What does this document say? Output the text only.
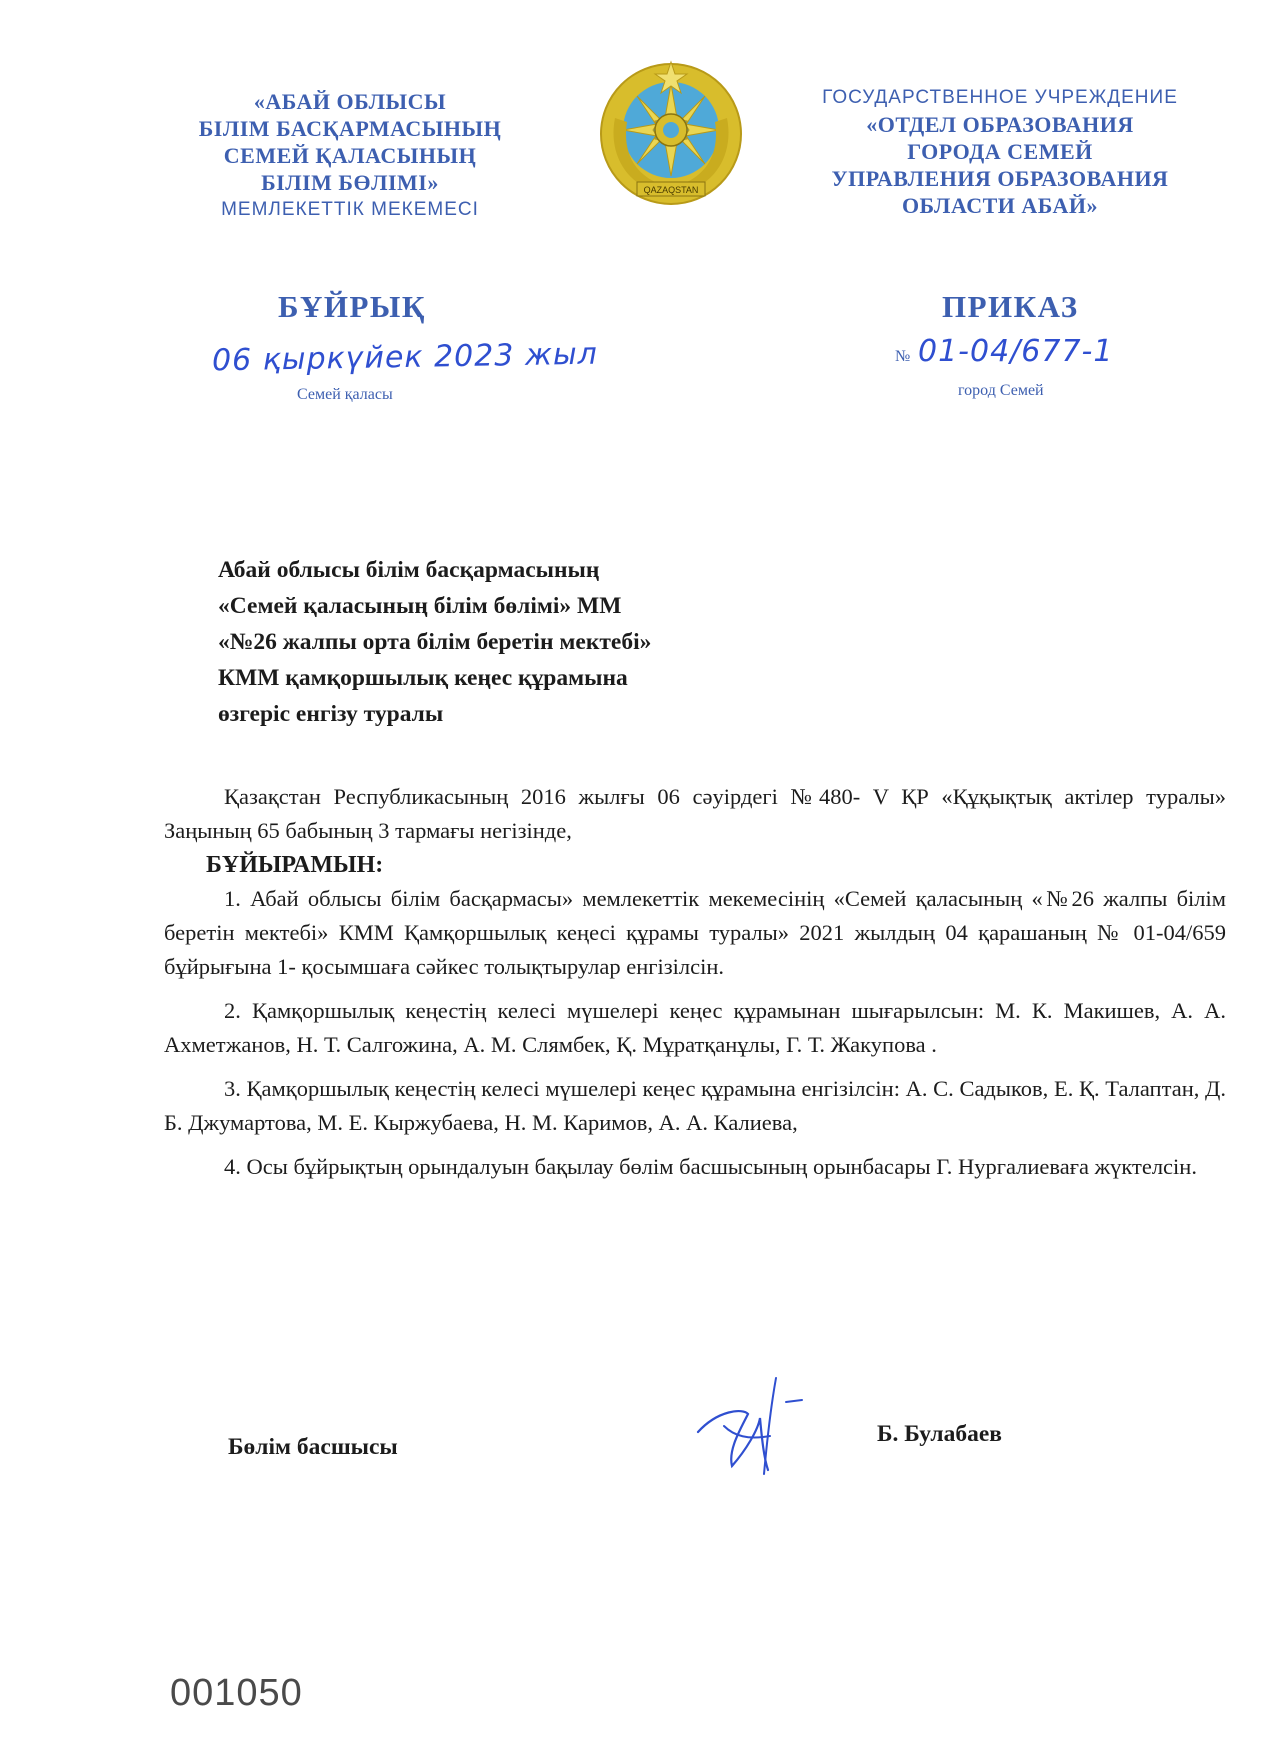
«АБАЙ ОБЛЫСЫ
БІЛІМ БАСҚАРМАСЫНЫҢ
СЕМЕЙ ҚАЛАСЫНЫҢ
БІЛІМ БӨЛІМІ»
МЕМЛЕКЕТТІК МЕКЕМЕСІ
QAZAQSTAN
ГОСУДАРСТВЕННОЕ УЧРЕЖДЕНИЕ
«ОТДЕЛ ОБРАЗОВАНИЯ
ГОРОДА СЕМЕЙ
УПРАВЛЕНИЯ ОБРАЗОВАНИЯ
ОБЛАСТИ АБАЙ»
БҰЙРЫҚ	ПРИКАЗ
06 қыркүйек 2023 жыл	№ 01-04/677-1
Семей қаласы	город Семей
Абай облысы білім басқармасының
«Семей қаласының білім бөлімі» ММ
«№26 жалпы орта білім беретін мектебі»
КММ қамқоршылық кеңес құрамына
өзгеріс енгізу туралы

Қазақстан Республикасының 2016 жылғы 06 сәуірдегі №480- V ҚР «Құқықтық актілер туралы» Заңының 65 бабының 3 тармағы негізінде,

БҰЙЫРАМЫН:

1. Абай облысы білім басқармасы» мемлекеттік мекемесінің «Семей қаласының «№26 жалпы білім беретін мектебі» КММ Қамқоршылық кеңесі құрамы туралы» 2021 жылдың 04 қарашаның № 01-04/659 бұйрығына 1- қосымшаға сәйкес толықтырулар енгізілсін.

2. Қамқоршылық кеңестің келесі мүшелері кеңес құрамынан шығарылсын: М. К. Макишев, А. А. Ахметжанов, Н. Т. Салгожина, А. М. Слямбек, Қ. Мұратқанұлы, Г. Т. Жакупова .

3. Қамқоршылық кеңестің келесі мүшелері кеңес құрамына енгізілсін: А. С. Садыков, Е. Қ. Талаптан, Д. Б. Джумартова, М. Е. Кыржубаева, Н. М. Каримов, А. А. Калиева,

4. Осы бұйрықтың орындалуын бақылау бөлім басшысының орынбасары Г. Нургалиеваға жүктелсін.

Бөлім басшысы	Б. Булабаев
001050
